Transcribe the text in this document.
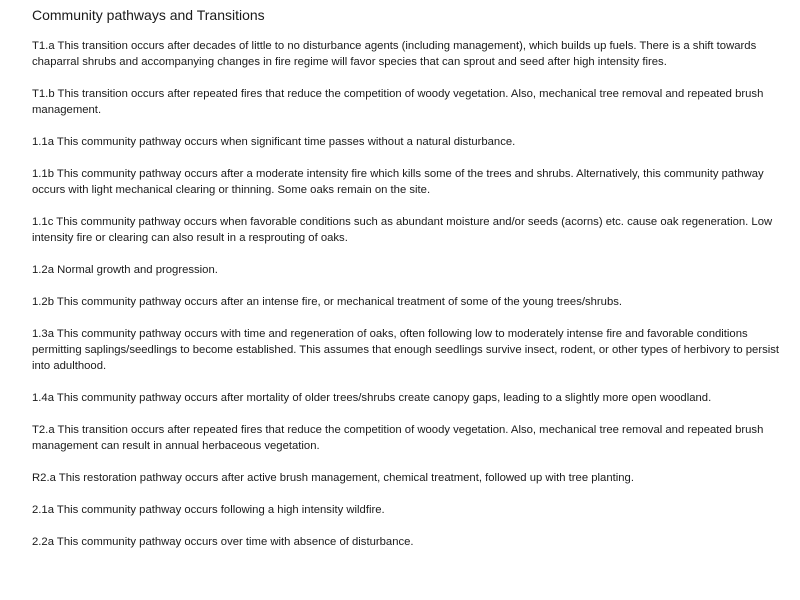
Community pathways and Transitions

T1.a This transition occurs after decades of little to no disturbance agents (including management), which builds up fuels. There is a shift towards chaparral shrubs and accompanying changes in fire regime will favor species that can sprout and seed after high intensity fires.

T1.b This transition occurs after repeated fires that reduce the competition of woody vegetation. Also, mechanical tree removal and repeated brush management.

1.1a This community pathway occurs when significant time passes without a natural disturbance.

1.1b This community pathway occurs after a moderate intensity fire which kills some of the trees and shrubs. Alternatively, this community pathway occurs with light mechanical clearing or thinning. Some oaks remain on the site.

1.1c This community pathway occurs when favorable conditions such as abundant moisture and/or seeds (acorns) etc. cause oak regeneration. Low intensity fire or clearing can also result in a resprouting of oaks.

1.2a Normal growth and progression.

1.2b This community pathway occurs after an intense fire, or mechanical treatment of some of the young trees/shrubs.

1.3a This community pathway occurs with time and regeneration of oaks, often following low to moderately intense fire and favorable conditions permitting saplings/seedlings to become established. This assumes that enough seedlings survive insect, rodent, or other types of herbivory to persist into adulthood.

1.4a This community pathway occurs after mortality of older trees/shrubs create canopy gaps, leading to a slightly more open woodland.

T2.a This transition occurs after repeated fires that reduce the competition of woody vegetation. Also, mechanical tree removal and repeated brush management can result in annual herbaceous vegetation.

R2.a This restoration pathway occurs after active brush management, chemical treatment, followed up with tree planting.

2.1a This community pathway occurs following a high intensity wildfire.

2.2a This community pathway occurs over time with absence of disturbance.
